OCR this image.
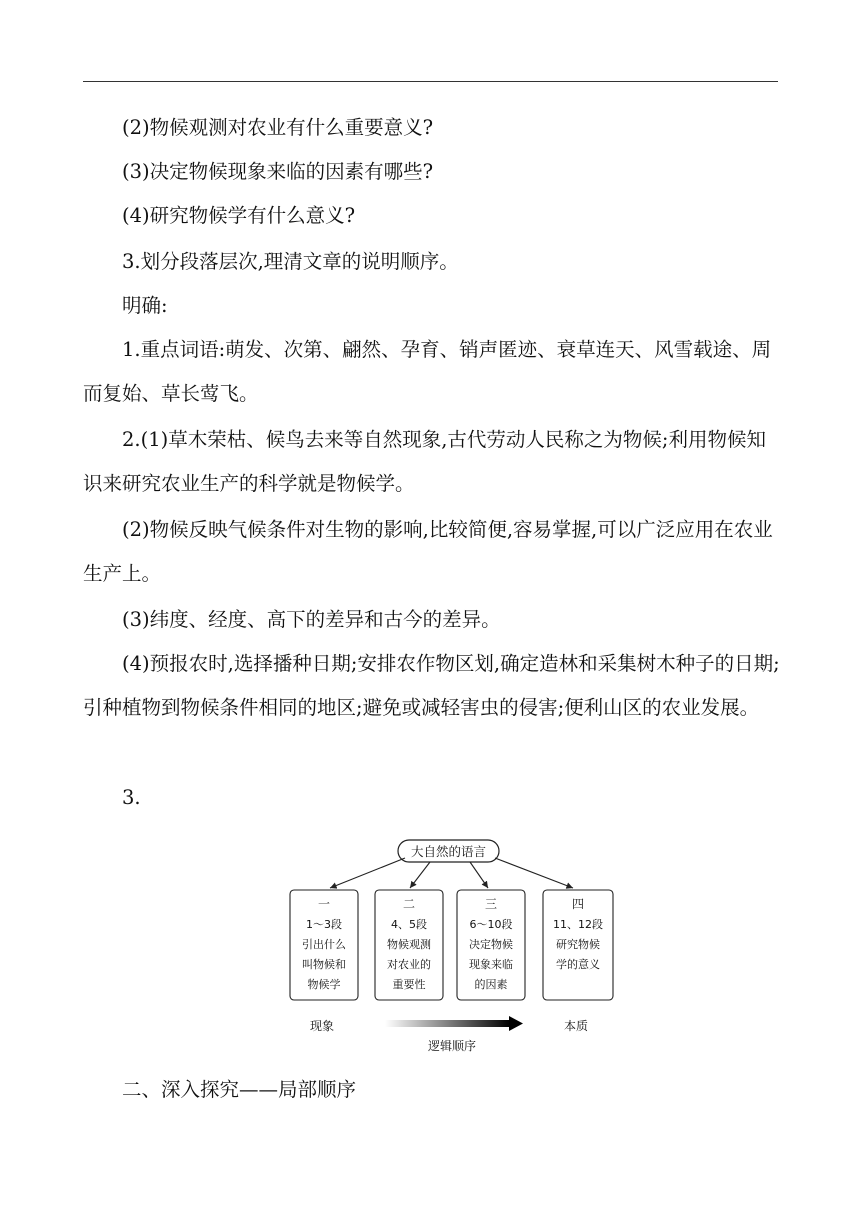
(2)物候观测对农业有什么重要意义?

(3)决定物候现象来临的因素有哪些?

(4)研究物候学有什么意义?

3.划分段落层次,理清文章的说明顺序。

明确:

1.重点词语:萌发、次第、翩然、孕育、销声匿迹、衰草连天、风雪载途、周而复始、草长莺飞。

2.(1)草木荣枯、候鸟去来等自然现象,古代劳动人民称之为物候;利用物候知识来研究农业生产的科学就是物候学。

(2)物候反映气候条件对生物的影响,比较简便,容易掌握,可以广泛应用在农业生产上。

(3)纬度、经度、高下的差异和古今的差异。

(4)预报农时,选择播种日期;安排农作物区划,确定造林和采集树木种子的日期;引种植物到物候条件相同的地区;避免或减轻害虫的侵害;便利山区的农业发展。

3.

大自然的语言
一
1～3段
引出什么
叫物候和
物候学
二
4、5段
物候观测
对农业的
重要性
三
6～10段
决定物候
现象来临
的因素
四
11、12段
研究物候
学的意义
现象	本质
逻辑顺序

二、深入探究——局部顺序
